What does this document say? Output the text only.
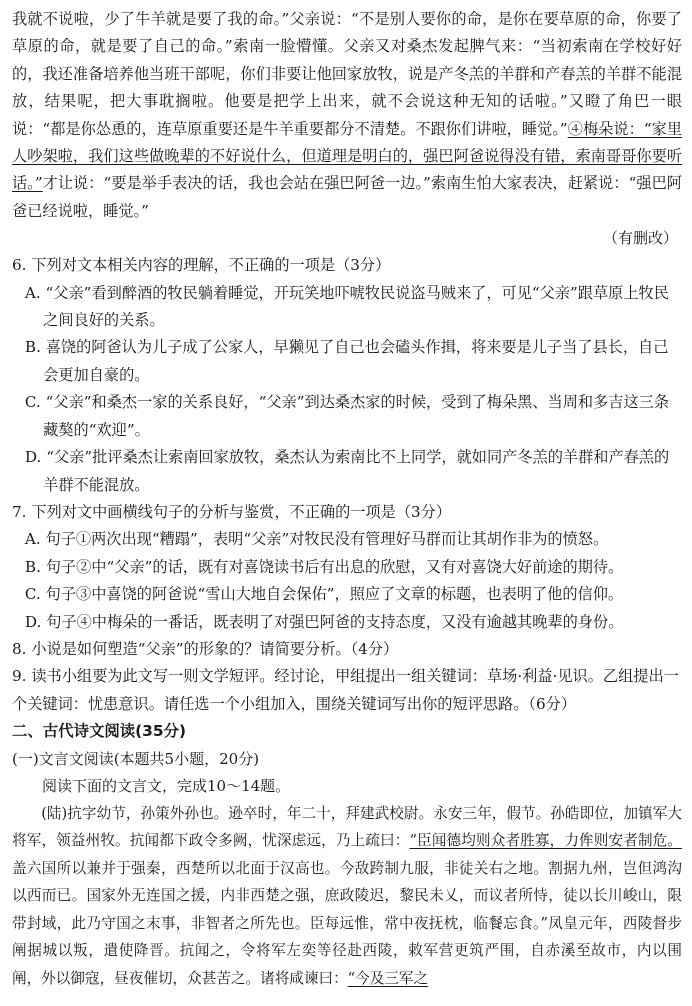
我就不说啦，少了牛羊就是要了我的命。”父亲说：“不是别人要你的命，是你在要草原的命，你要了草原的命，就是要了自己的命。”索南一脸懵懂。父亲又对桑杰发起脾气来：“当初索南在学校好好的，我还准备培养他当班干部呢，你们非要让他回家放牧，说是产冬羔的羊群和产春羔的羊群不能混放，结果呢，把大事耽搁啦。他要是把学上出来，就不会说这种无知的话啦。”又瞪了角巴一眼说：“都是你怂恿的，连草原重要还是牛羊重要都分不清楚。不跟你们讲啦，睡觉。”④梅朵说：“家里人吵架啦，我们这些做晚辈的不好说什么，但道理是明白的，强巴阿爸说得没有错，索南哥哥你要听话。”才让说：“要是举手表决的话，我也会站在强巴阿爸一边。”索南生怕大家表决，赶紧说：“强巴阿爸已经说啦，睡觉。”

（有删改）

6. 下列对文本相关内容的理解，不正确的一项是（3分）

A. “父亲”看到醉酒的牧民躺着睡觉，开玩笑地吓唬牧民说盗马贼来了，可见“父亲”跟草原上牧民之间良好的关系。

B. 喜饶的阿爸认为儿子成了公家人，早獭见了自己也会磕头作揖，将来要是儿子当了县长，自己会更加自豪的。

C. “父亲”和桑杰一家的关系良好，“父亲”到达桑杰家的时候，受到了梅朵黑、当周和多吉这三条藏獒的“欢迎”。

D. “父亲”批评桑杰让索南回家放牧，桑杰认为索南比不上同学，就如同产冬羔的羊群和产春羔的羊群不能混放。

7. 下列对文中画横线句子的分析与鉴赏，不正确的一项是（3分）

A. 句子①两次出现“糟蹋”，表明“父亲”对牧民没有管理好马群而让其胡作非为的愤怒。

B. 句子②中“父亲”的话，既有对喜饶读书后有出息的欣慰，又有对喜饶大好前途的期待。

C. 句子③中喜饶的阿爸说“雪山大地自会保佑”，照应了文章的标题，也表明了他的信仰。

D. 句子④中梅朵的一番话，既表明了对强巴阿爸的支持态度，又没有逾越其晚辈的身份。

8. 小说是如何塑造“父亲”的形象的？请简要分析。（4分）

9. 读书小组要为此文写一则文学短评。经讨论，甲组提出一组关键词：草场·利益·见识。乙组提出一个关键词：忧患意识。请任选一个小组加入，围绕关键词写出你的短评思路。（6分）

二、古代诗文阅读(35分)

(一)文言文阅读(本题共5小题，20分)

阅读下面的文言文，完成10～14题。

(陆)抗字幼节，孙策外孙也。逊卒时，年二十，拜建武校尉。永安三年，假节。孙皓即位，加镇军大将军，领益州牧。抗闻都下政令多阙，忧深虑远，乃上疏曰：“臣闻德均则众者胜寡，力侔则安者制危。盖六国所以兼并于强秦，西楚所以北面于汉高也。今敌跨制九服，非徒关右之地。割据九州，岂但鸿沟以西而已。国家外无连国之援，内非西楚之强，庶政陵迟，黎民未乂，而议者所恃，徒以长川峻山，限带封域，此乃守国之末事，非智者之所先也。臣每远惟，常中夜抚枕，临餐忘食。”凤皇元年，西陵督步阐据城以叛，遣使降晋。抗闻之，令将军左奕等径赴西陵，敕军营更筑严围，自赤溪至故市，内以围阐，外以御寇，昼夜催切，众甚苦之。诸将咸谏曰：“今及三军之
